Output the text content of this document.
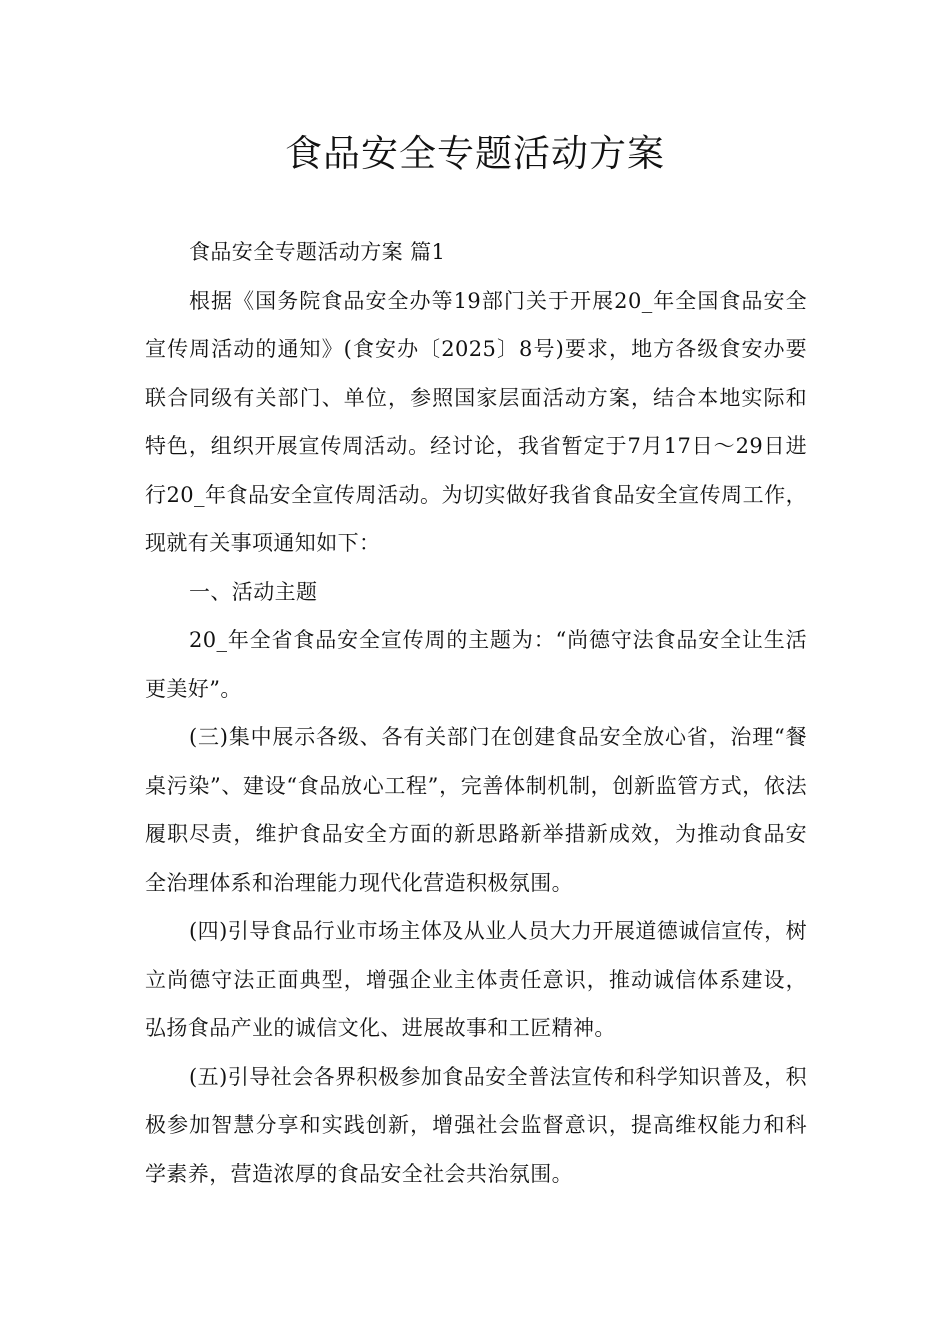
食品安全专题活动方案

食品安全专题活动方案 篇1

根据《国务院食品安全办等19部门关于开展20_年全国食品安全宣传周活动的通知》(食安办〔2025〕8号)要求，地方各级食安办要联合同级有关部门、单位，参照国家层面活动方案，结合本地实际和特色，组织开展宣传周活动。经讨论，我省暂定于7月17日～29日进行20_年食品安全宣传周活动。为切实做好我省食品安全宣传周工作，现就有关事项通知如下：

一、活动主题

20_年全省食品安全宣传周的主题为：“尚德守法食品安全让生活更美好”。

(三)集中展示各级、各有关部门在创建食品安全放心省，治理“餐桌污染”、建设“食品放心工程”，完善体制机制，创新监管方式，依法履职尽责，维护食品安全方面的新思路新举措新成效，为推动食品安全治理体系和治理能力现代化营造积极氛围。

(四)引导食品行业市场主体及从业人员大力开展道德诚信宣传，树立尚德守法正面典型，增强企业主体责任意识，推动诚信体系建设，弘扬食品产业的诚信文化、进展故事和工匠精神。

(五)引导社会各界积极参加食品安全普法宣传和科学知识普及，积极参加智慧分享和实践创新，增强社会监督意识，提高维权能力和科学素养，营造浓厚的食品安全社会共治氛围。
